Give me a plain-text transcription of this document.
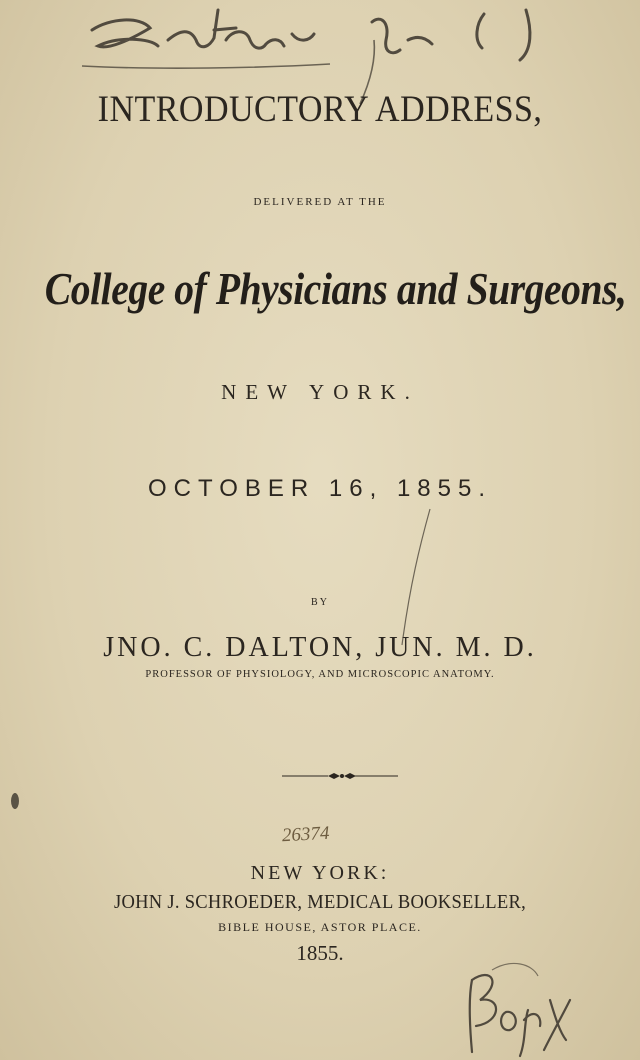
INTRODUCTORY ADDRESS,
DELIVERED AT THE
College of Physicians and Surgeons,
NEW YORK.
OCTOBER 16, 1855.
BY
JNO. C. DALTON, JUN. M. D.
PROFESSOR OF PHYSIOLOGY, AND MICROSCOPIC ANATOMY.
26374
NEW YORK:
JOHN J. SCHROEDER, MEDICAL BOOKSELLER,
BIBLE HOUSE, ASTOR PLACE.
1855.
